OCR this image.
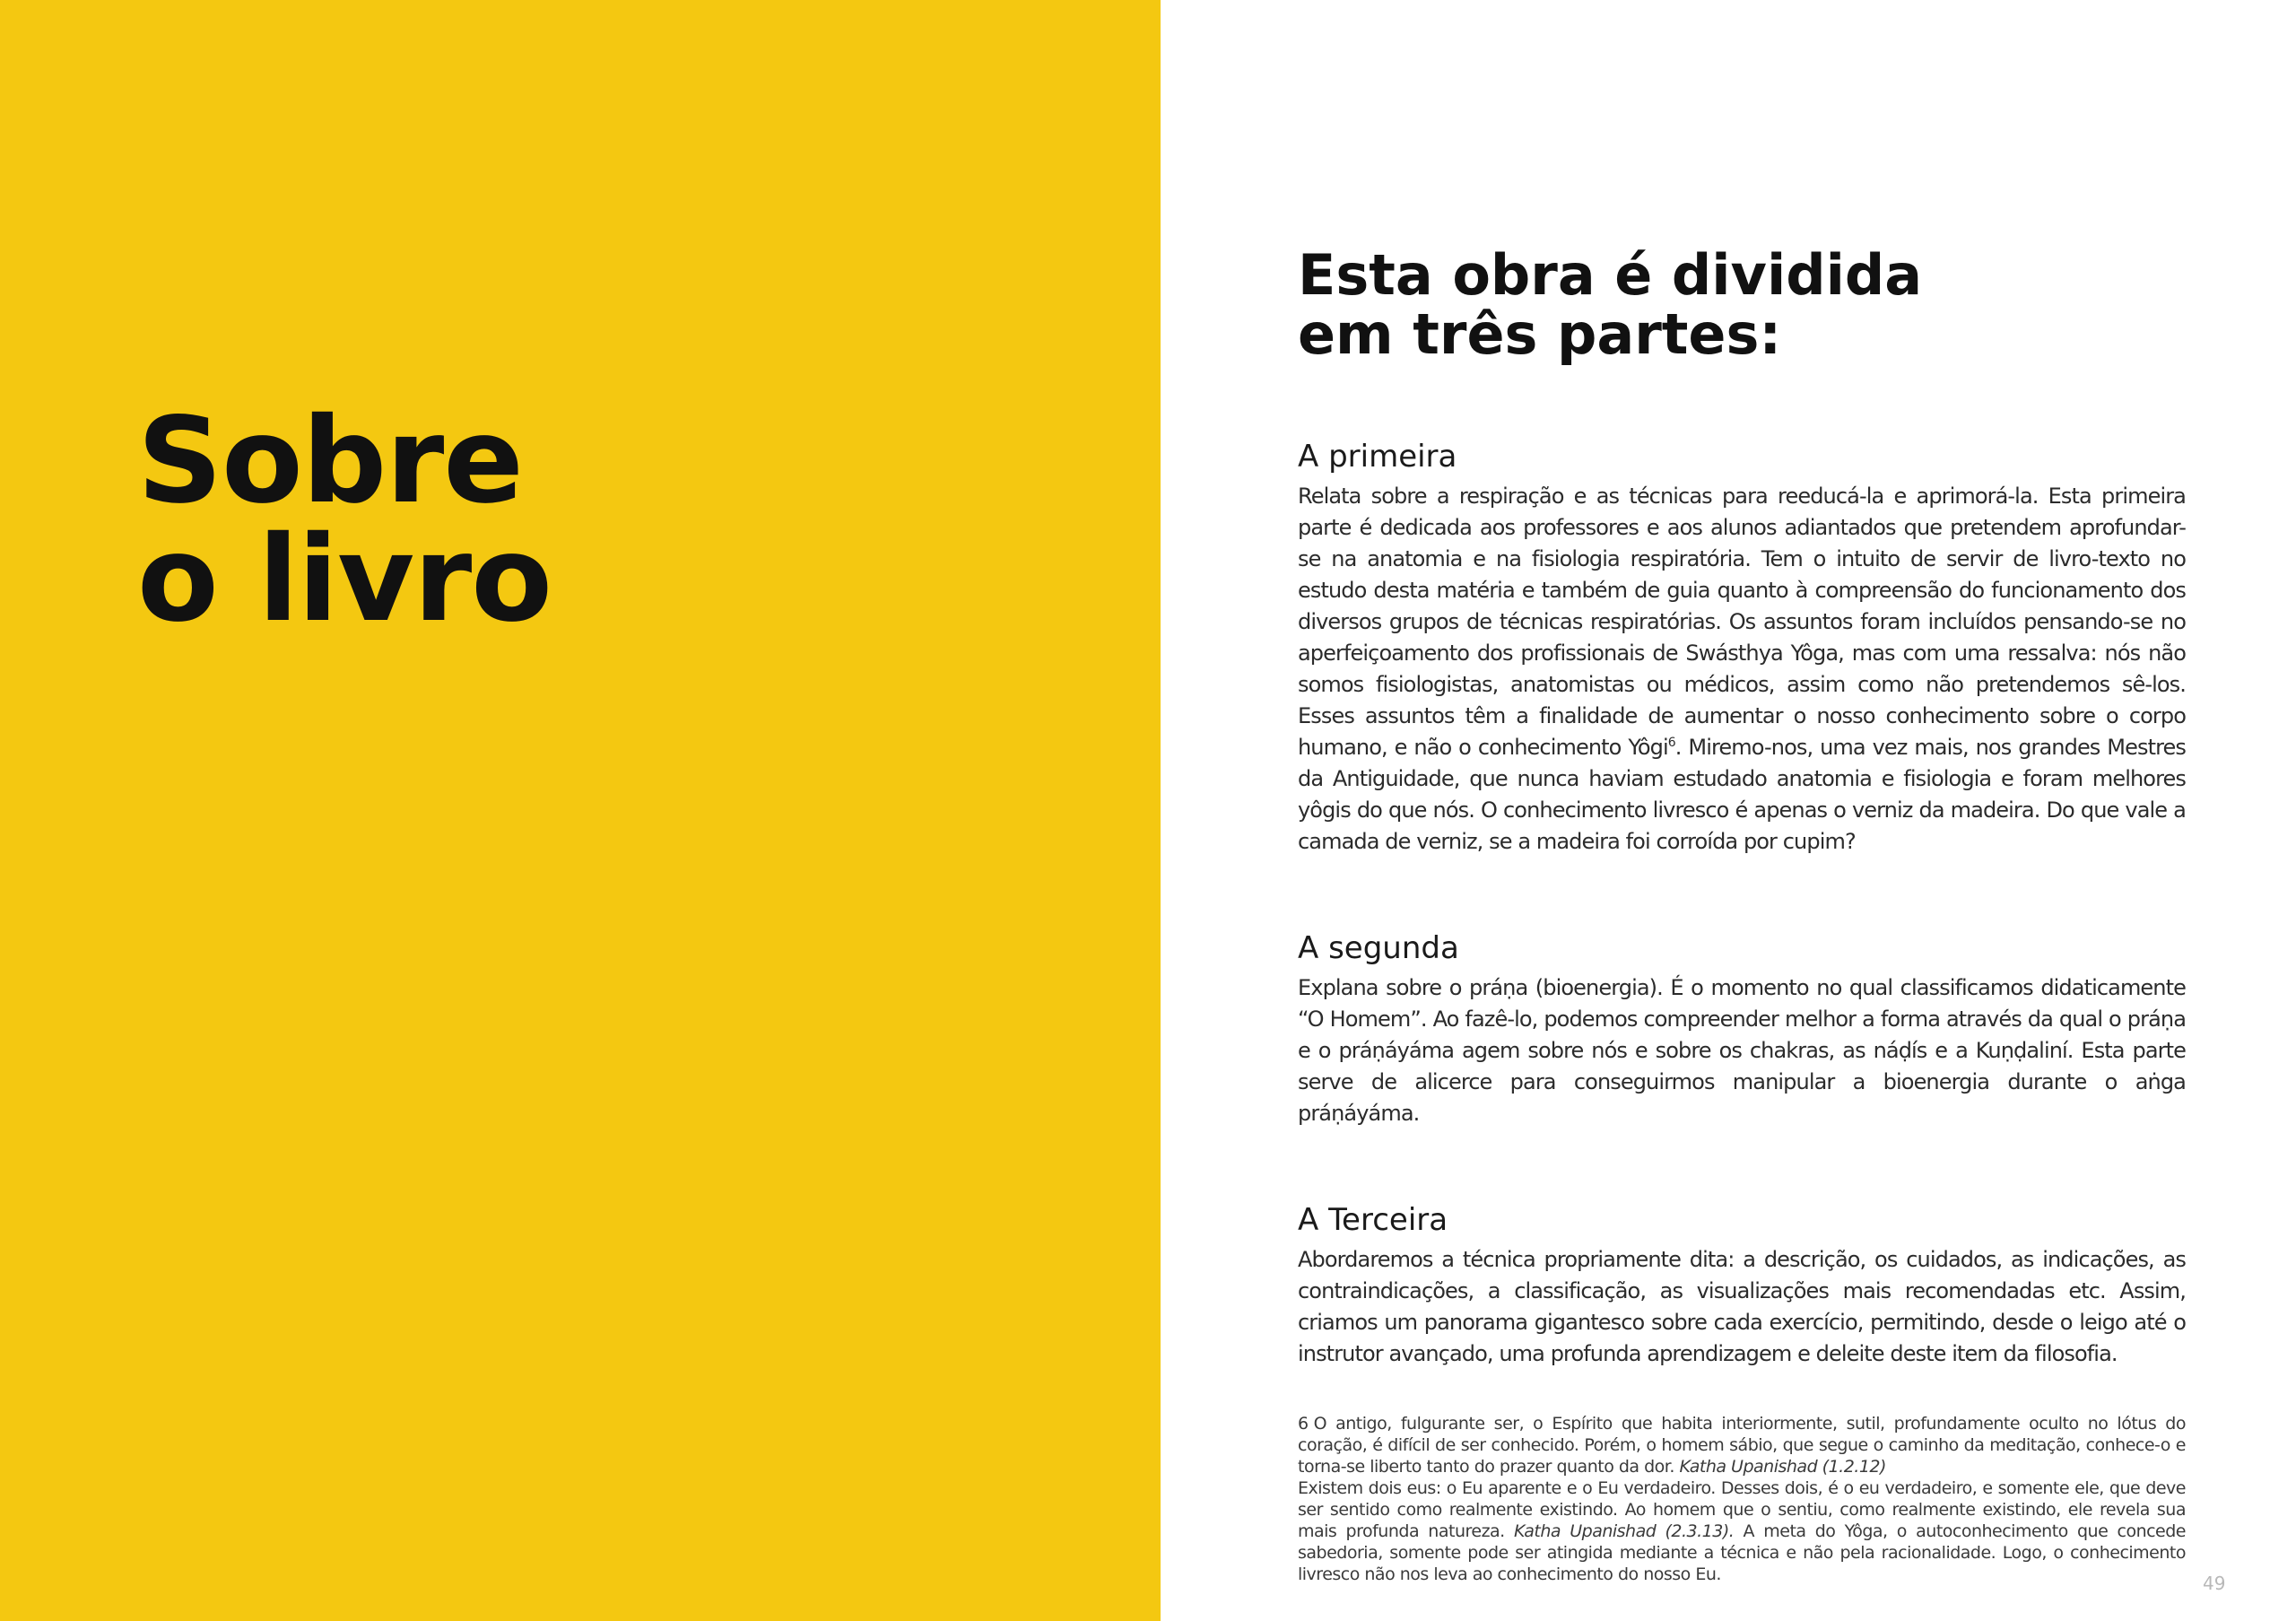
Sobre
o livro
Esta obra é dividida
em três partes:
A primeira

Relata sobre a respiração e as técnicas para reeducá-la e aprimorá-la. Esta primeira parte é dedicada aos professores e aos alunos adiantados que pretendem aprofundar-se na anatomia e na fisiologia respiratória. Tem o intuito de servir de livro-texto no estudo desta matéria e também de guia quanto à compreensão do funcionamento dos diversos grupos de técnicas respiratórias. Os assuntos foram incluídos pensando-se no aperfeiçoamento dos profissionais de Swásthya Yôga, mas com uma ressalva: nós não somos fisiologistas, anatomistas ou médicos, assim como não pretendemos sê-los. Esses assuntos têm a finalidade de aumentar o nosso conhecimento sobre o corpo humano, e não o conhecimento Yôgi$^6$. Miremo-nos, uma vez mais, nos grandes Mestres da Antiguidade, que nunca haviam estudado anatomia e fisiologia e foram melhores yôgis do que nós. O conhecimento livresco é apenas o verniz da madeira. Do que vale a camada de verniz, se a madeira foi corroída por cupim?

A segunda

Explana sobre o práṇa (bioenergia). É o momento no qual classificamos didaticamente “O Homem”. Ao fazê-lo, podemos compreender melhor a forma através da qual o práṇa e o práṇáyáma agem sobre nós e sobre os chakras, as náḍís e a Kuṇḍaliní. Esta parte serve de alicerce para conseguirmos manipular a bioenergia durante o aṅga práṇáyáma.

A Terceira

Abordaremos a técnica propriamente dita: a descrição, os cuidados, as indicações, as contraindicações, a classificação, as visualizações mais recomendadas etc. Assim, criamos um panorama gigantesco sobre cada exercício, permitindo, desde o leigo até o instrutor avançado, uma profunda aprendizagem e deleite deste item da filosofia.

6 O antigo, fulgurante ser, o Espírito que habita interiormente, sutil, profundamente oculto no lótus do coração, é difícil de ser conhecido. Porém, o homem sábio, que segue o caminho da meditação, conhece-o e torna-se liberto tanto do prazer quanto da dor. Katha Upanishad (1.2.12)

Existem dois eus: o Eu aparente e o Eu verdadeiro. Desses dois, é o eu verdadeiro, e somente ele, que deve ser sentido como realmente existindo. Ao homem que o sentiu, como realmente existindo, ele revela sua mais profunda natureza. Katha Upanishad (2.3.13). A meta do Yôga, o autoconhecimento que concede sabedoria, somente pode ser atingida mediante a técnica e não pela racionalidade. Logo, o conhecimento livresco não nos leva ao conhecimento do nosso Eu.	49
